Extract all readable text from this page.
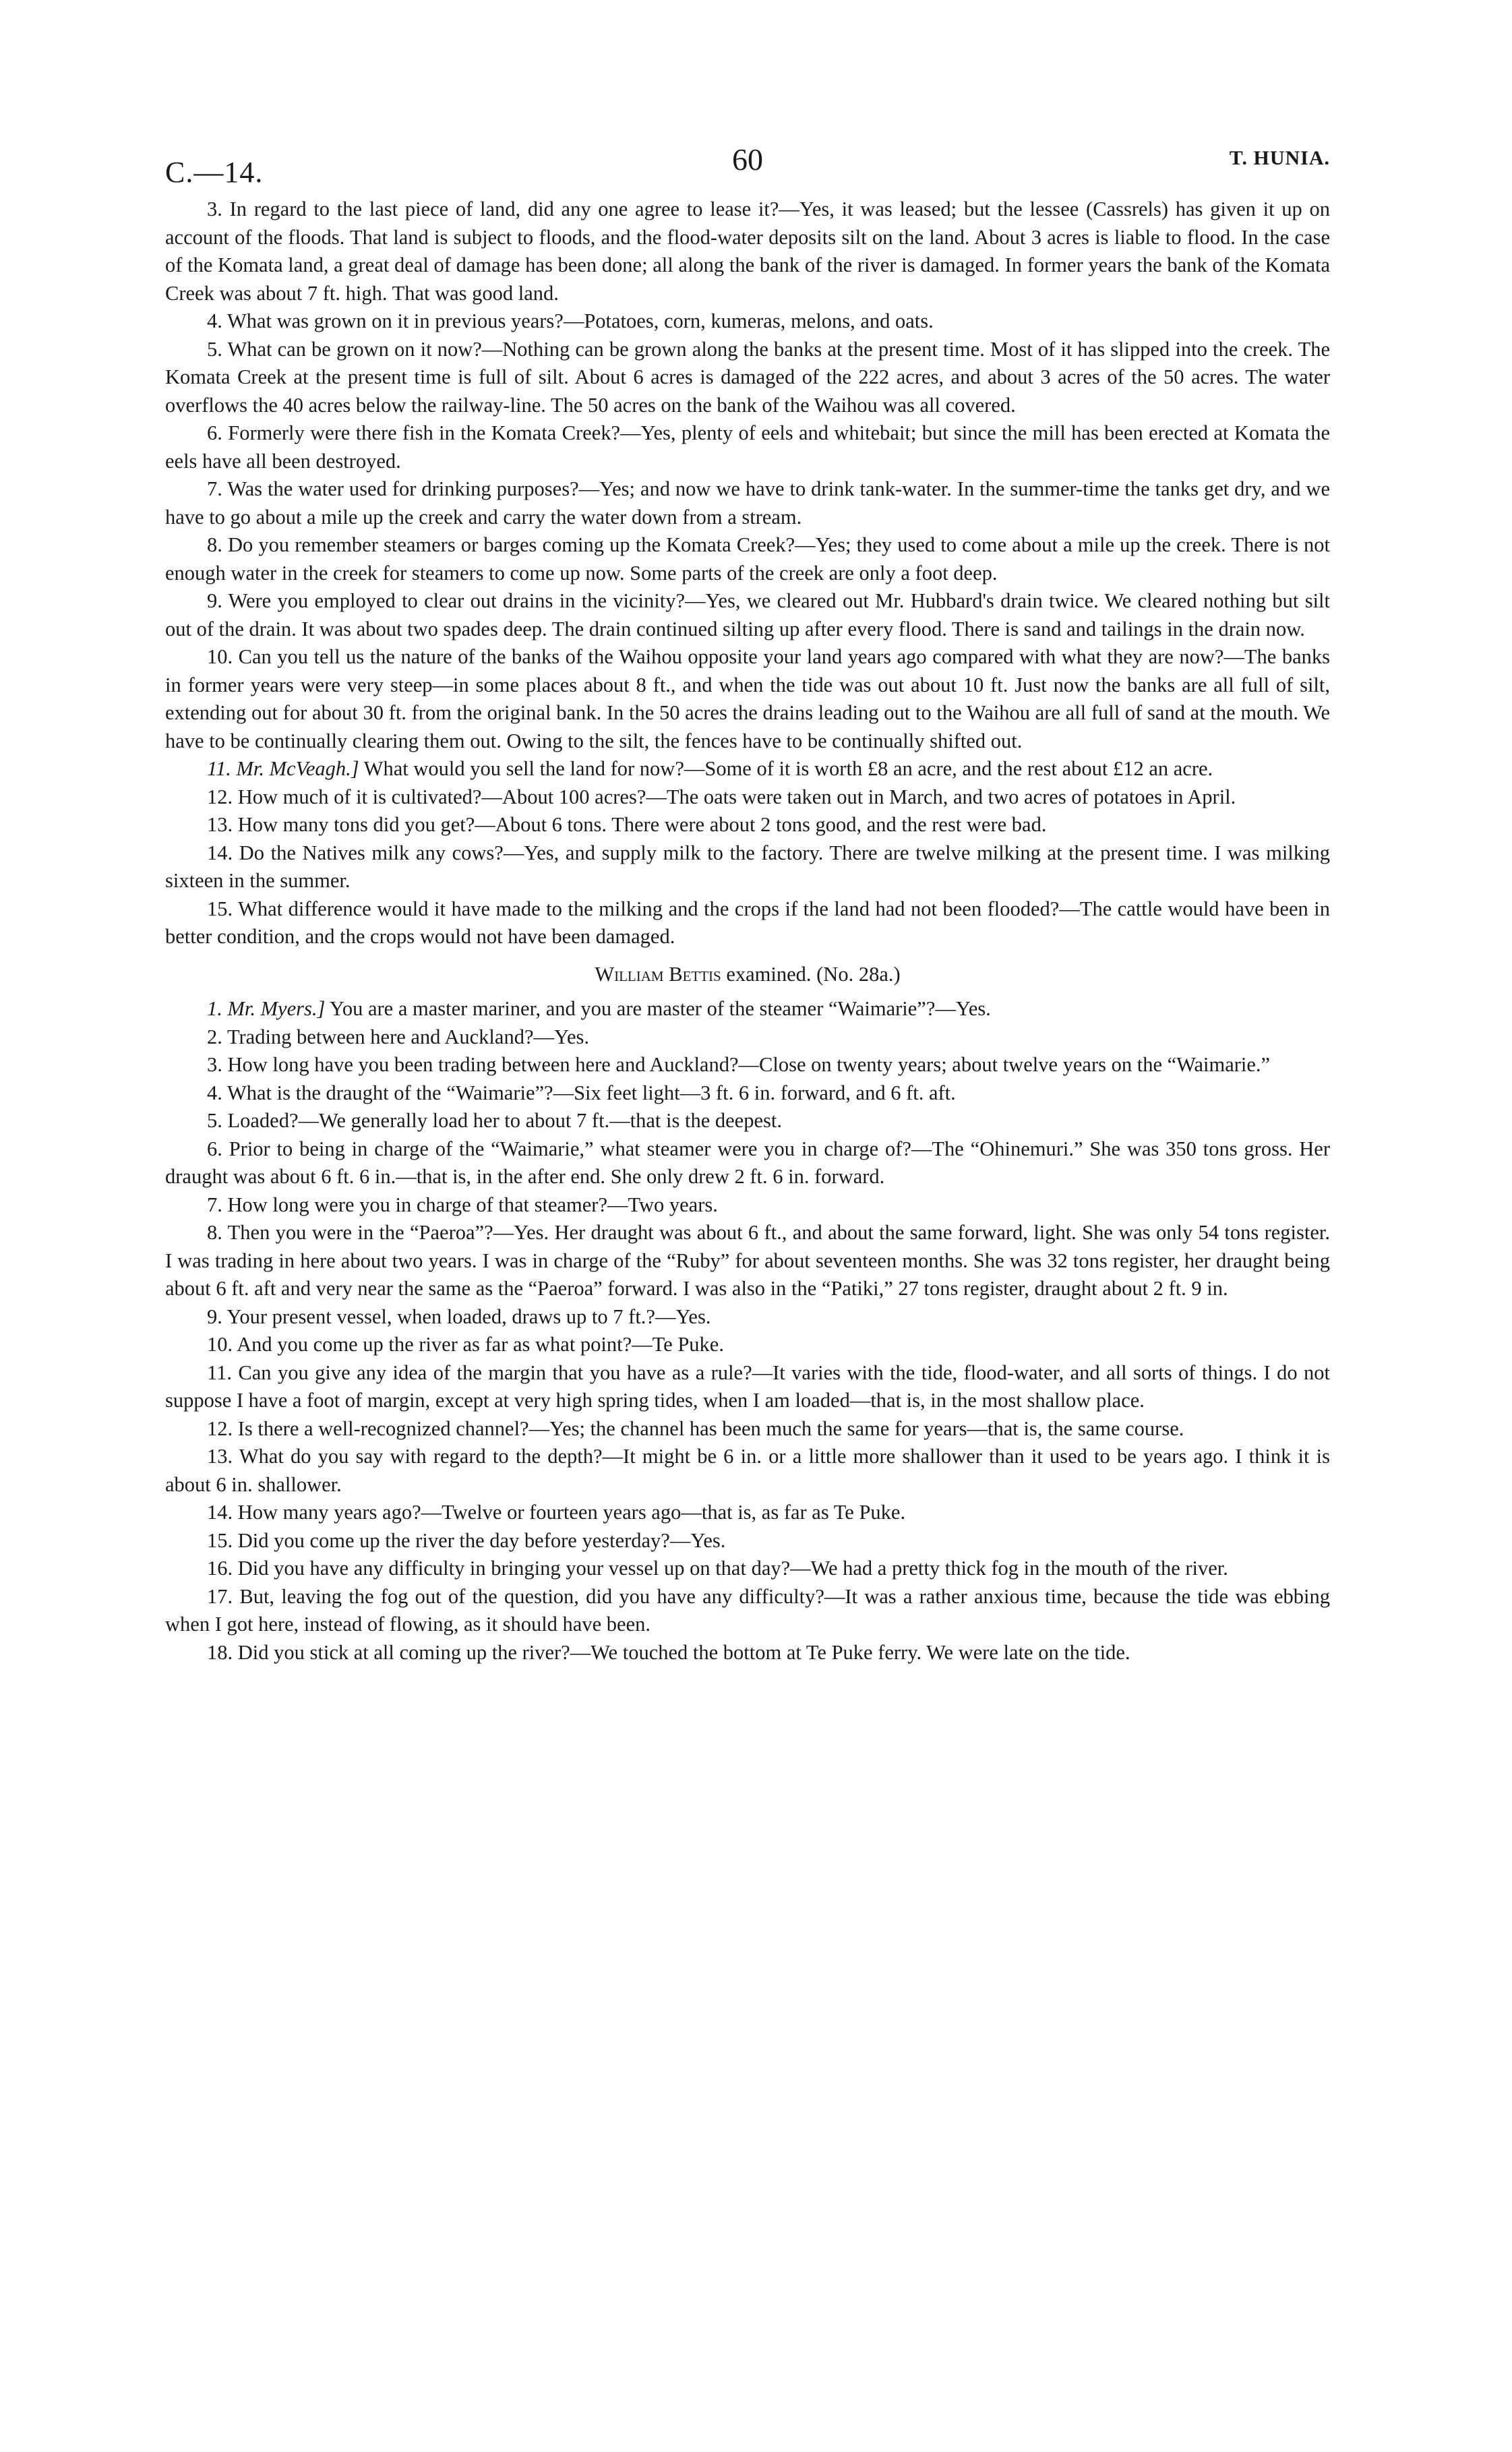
C.—14.	60	T. HUNIA.

3. In regard to the last piece of land, did any one agree to lease it?—Yes, it was leased; but the lessee (Cassrels) has given it up on account of the floods. That land is subject to floods, and the flood-water deposits silt on the land. About 3 acres is liable to flood. In the case of the Komata land, a great deal of damage has been done; all along the bank of the river is damaged. In former years the bank of the Komata Creek was about 7 ft. high. That was good land.

4. What was grown on it in previous years?—Potatoes, corn, kumeras, melons, and oats.

5. What can be grown on it now?—Nothing can be grown along the banks at the present time. Most of it has slipped into the creek. The Komata Creek at the present time is full of silt. About 6 acres is damaged of the 222 acres, and about 3 acres of the 50 acres. The water overflows the 40 acres below the railway-line. The 50 acres on the bank of the Waihou was all covered.

6. Formerly were there fish in the Komata Creek?—Yes, plenty of eels and whitebait; but since the mill has been erected at Komata the eels have all been destroyed.

7. Was the water used for drinking purposes?—Yes; and now we have to drink tank-water. In the summer-time the tanks get dry, and we have to go about a mile up the creek and carry the water down from a stream.

8. Do you remember steamers or barges coming up the Komata Creek?—Yes; they used to come about a mile up the creek. There is not enough water in the creek for steamers to come up now. Some parts of the creek are only a foot deep.

9. Were you employed to clear out drains in the vicinity?—Yes, we cleared out Mr. Hubbard's drain twice. We cleared nothing but silt out of the drain. It was about two spades deep. The drain continued silting up after every flood. There is sand and tailings in the drain now.

10. Can you tell us the nature of the banks of the Waihou opposite your land years ago compared with what they are now?—The banks in former years were very steep—in some places about 8 ft., and when the tide was out about 10 ft. Just now the banks are all full of silt, extending out for about 30 ft. from the original bank. In the 50 acres the drains leading out to the Waihou are all full of sand at the mouth. We have to be continually clearing them out. Owing to the silt, the fences have to be continually shifted out.

11. Mr. McVeagh.] What would you sell the land for now?—Some of it is worth £8 an acre, and the rest about £12 an acre.

12. How much of it is cultivated?—About 100 acres?—The oats were taken out in March, and two acres of potatoes in April.

13. How many tons did you get?—About 6 tons. There were about 2 tons good, and the rest were bad.

14. Do the Natives milk any cows?—Yes, and supply milk to the factory. There are twelve milking at the present time. I was milking sixteen in the summer.

15. What difference would it have made to the milking and the crops if the land had not been flooded?—The cattle would have been in better condition, and the crops would not have been damaged.

William Bettis examined. (No. 28a.)

1. Mr. Myers.] You are a master mariner, and you are master of the steamer “Waimarie”?—Yes.

2. Trading between here and Auckland?—Yes.

3. How long have you been trading between here and Auckland?—Close on twenty years; about twelve years on the “Waimarie.”

4. What is the draught of the “Waimarie”?—Six feet light—3 ft. 6 in. forward, and 6 ft. aft.

5. Loaded?—We generally load her to about 7 ft.—that is the deepest.

6. Prior to being in charge of the “Waimarie,” what steamer were you in charge of?—The “Ohinemuri.” She was 350 tons gross. Her draught was about 6 ft. 6 in.—that is, in the after end. She only drew 2 ft. 6 in. forward.

7. How long were you in charge of that steamer?—Two years.

8. Then you were in the “Paeroa”?—Yes. Her draught was about 6 ft., and about the same forward, light. She was only 54 tons register. I was trading in here about two years. I was in charge of the “Ruby” for about seventeen months. She was 32 tons register, her draught being about 6 ft. aft and very near the same as the “Paeroa” forward. I was also in the “Patiki,” 27 tons register, draught about 2 ft. 9 in.

9. Your present vessel, when loaded, draws up to 7 ft.?—Yes.

10. And you come up the river as far as what point?—Te Puke.

11. Can you give any idea of the margin that you have as a rule?—It varies with the tide, flood-water, and all sorts of things. I do not suppose I have a foot of margin, except at very high spring tides, when I am loaded—that is, in the most shallow place.

12. Is there a well-recognized channel?—Yes; the channel has been much the same for years—that is, the same course.

13. What do you say with regard to the depth?—It might be 6 in. or a little more shallower than it used to be years ago. I think it is about 6 in. shallower.

14. How many years ago?—Twelve or fourteen years ago—that is, as far as Te Puke.

15. Did you come up the river the day before yesterday?—Yes.

16. Did you have any difficulty in bringing your vessel up on that day?—We had a pretty thick fog in the mouth of the river.

17. But, leaving the fog out of the question, did you have any difficulty?—It was a rather anxious time, because the tide was ebbing when I got here, instead of flowing, as it should have been.

18. Did you stick at all coming up the river?—We touched the bottom at Te Puke ferry. We were late on the tide.
